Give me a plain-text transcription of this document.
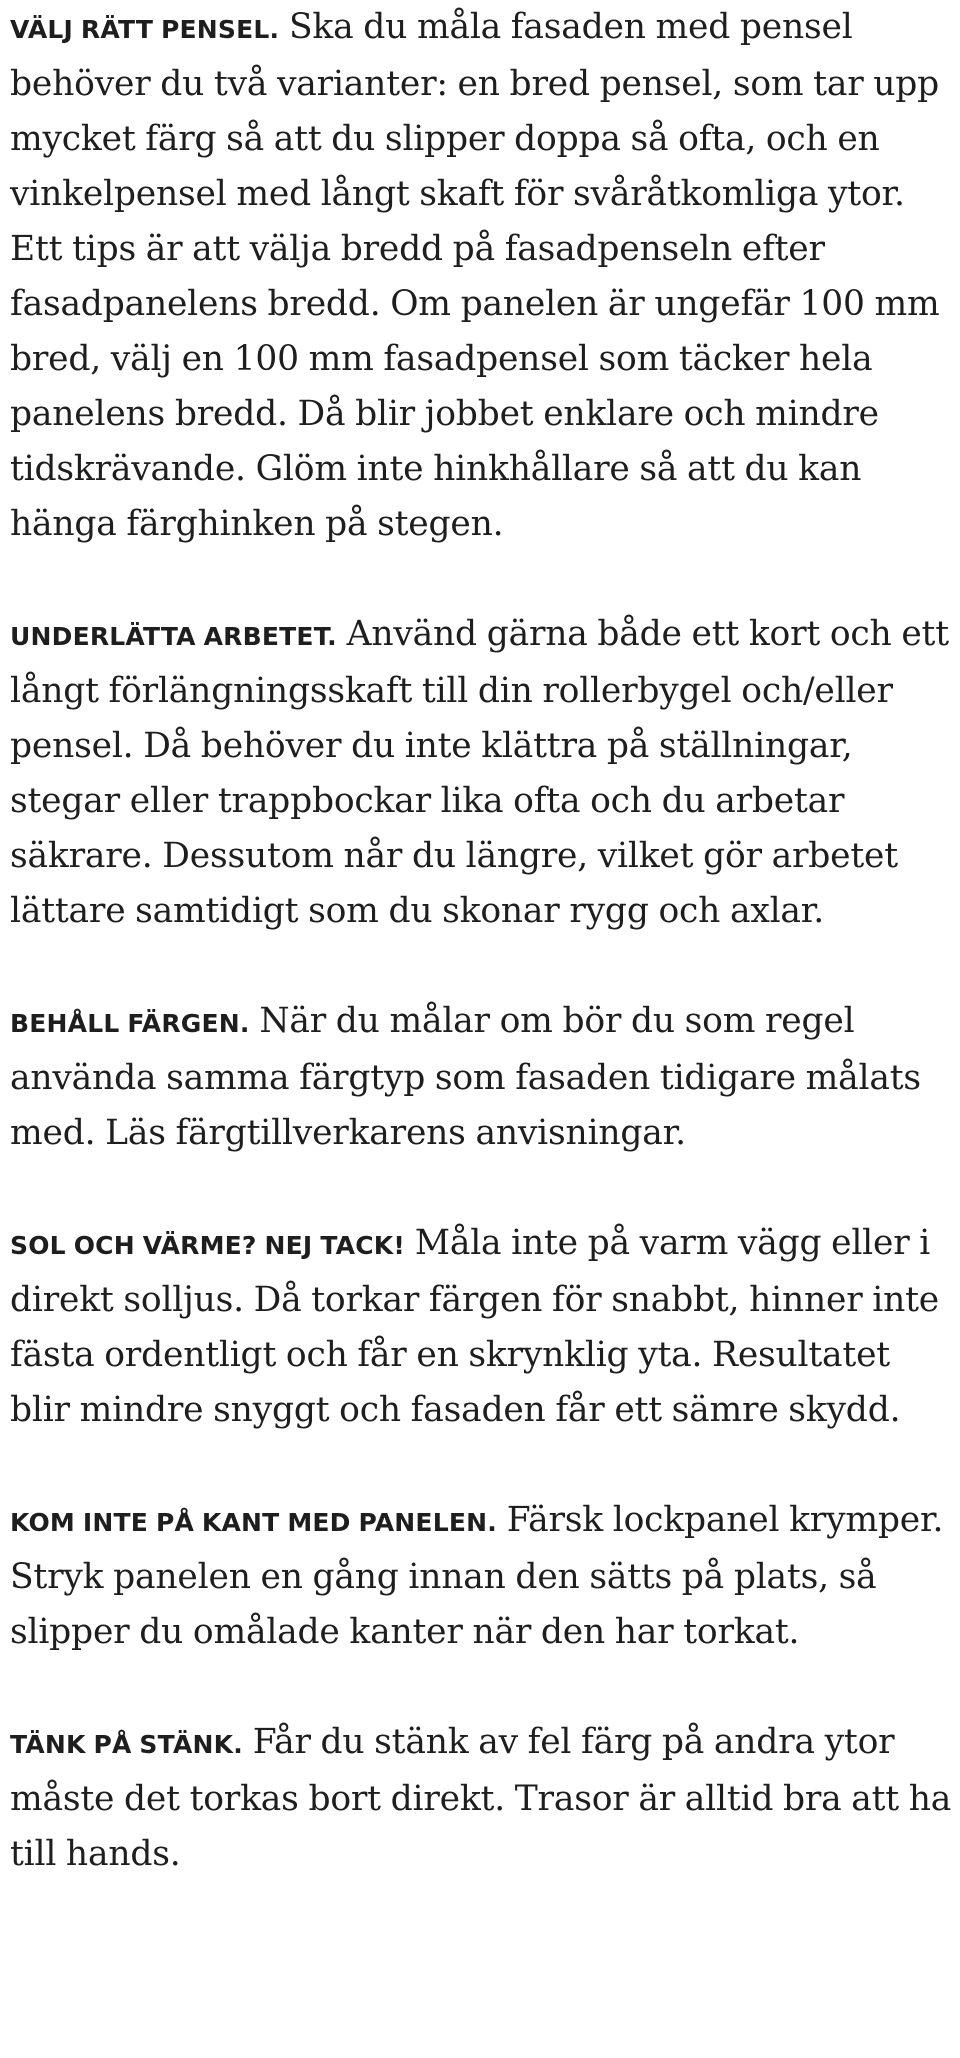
VÄLJ RÄTT PENSEL. Ska du måla fasaden med pensel behöver du två varianter: en bred pensel, som tar upp mycket färg så att du slipper doppa så ofta, och en vinkelpensel med långt skaft för svåråtkomliga ytor. Ett tips är att välja bredd på fasadpenseln efter fasadpanelens bredd. Om panelen är ungefär 100 mm bred, välj en 100 mm fasadpensel som täcker hela panelens bredd. Då blir jobbet enklare och mindre tidskrävande. Glöm inte hinkhållare så att du kan hänga färghinken på stegen.

UNDERLÄTTA ARBETET. Använd gärna både ett kort och ett långt förlängningsskaft till din rollerbygel och/eller pensel. Då behöver du inte klättra på ställningar, stegar eller trappbockar lika ofta och du arbetar säkrare. Dessutom når du längre, vilket gör arbetet lättare samtidigt som du skonar rygg och axlar.

BEHÅLL FÄRGEN. När du målar om bör du som regel använda samma färgtyp som fasaden tidigare målats med. Läs färgtillverkarens anvisningar.

SOL OCH VÄRME? NEJ TACK! Måla inte på varm vägg eller i direkt solljus. Då torkar färgen för snabbt, hinner inte fästa ordentligt och får en skrynklig yta. Resultatet blir mindre snyggt och fasaden får ett sämre skydd.

KOM INTE PÅ KANT MED PANELEN. Färsk lockpanel krymper. Stryk panelen en gång innan den sätts på plats, så slipper du omålade kanter när den har torkat.

TÄNK PÅ STÄNK. Får du stänk av fel färg på andra ytor måste det torkas bort direkt. Trasor är alltid bra att ha till hands.
